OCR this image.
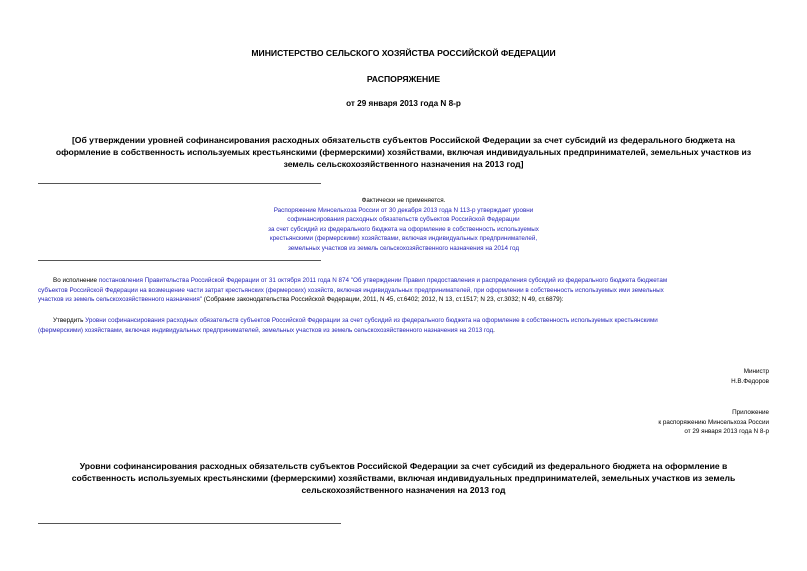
МИНИСТЕРСТВО СЕЛЬСКОГО ХОЗЯЙСТВА РОССИЙСКОЙ ФЕДЕРАЦИИ
РАСПОРЯЖЕНИЕ
от 29 января 2013 года N 8-р
[Об утверждении уровней софинансирования расходных обязательств субъектов Российской Федерации за счет субсидий из федерального бюджета на
оформление в собственность используемых крестьянскими (фермерскими) хозяйствами, включая индивидуальных предпринимателей, земельных участков из
земель сельскохозяйственного назначения на 2013 год]
Фактически не применяется.
Распоряжение Минсельхоза России от 30 декабря 2013 года N 113-р утверждает уровни
софинансирования расходных обязательств субъектов Российской Федерации
за счет субсидий из федерального бюджета на оформление в собственность используемых
крестьянскими (фермерскими) хозяйствами, включая индивидуальных предпринимателей,
земельных участков из земель сельскохозяйственного назначения на 2014 год
Во исполнение постановления Правительства Российской Федерации от 31 октября 2011 года N 874 "Об утверждении Правил предоставления и распределения субсидий из федерального бюджета бюджетам
субъектов Российской Федерации на возмещение части затрат крестьянских (фермерских) хозяйств, включая индивидуальных предпринимателей, при оформлении в собственность используемых ими земельных
участков из земель сельскохозяйственного назначения" (Собрание законодательства Российской Федерации, 2011, N 45, ст.6402; 2012, N 13, ст.1517; N 23, ст.3032; N 49, ст.6879):
Утвердить Уровни софинансирования расходных обязательств субъектов Российской Федерации за счет субсидий из федерального бюджета на оформление в собственность используемых крестьянскими
(фермерскими) хозяйствами, включая индивидуальных предпринимателей, земельных участков из земель сельскохозяйственного назначения на 2013 год.
Министр
Н.В.Федоров
Приложение
к распоряжению Минсельхоза России
от 29 января 2013 года N 8-р
Уровни софинансирования расходных обязательств субъектов Российской Федерации за счет субсидий из федерального бюджета на оформление в
собственность используемых крестьянскими (фермерскими) хозяйствами, включая индивидуальных предпринимателей, земельных участков из земель
сельскохозяйственного назначения на 2013 год
